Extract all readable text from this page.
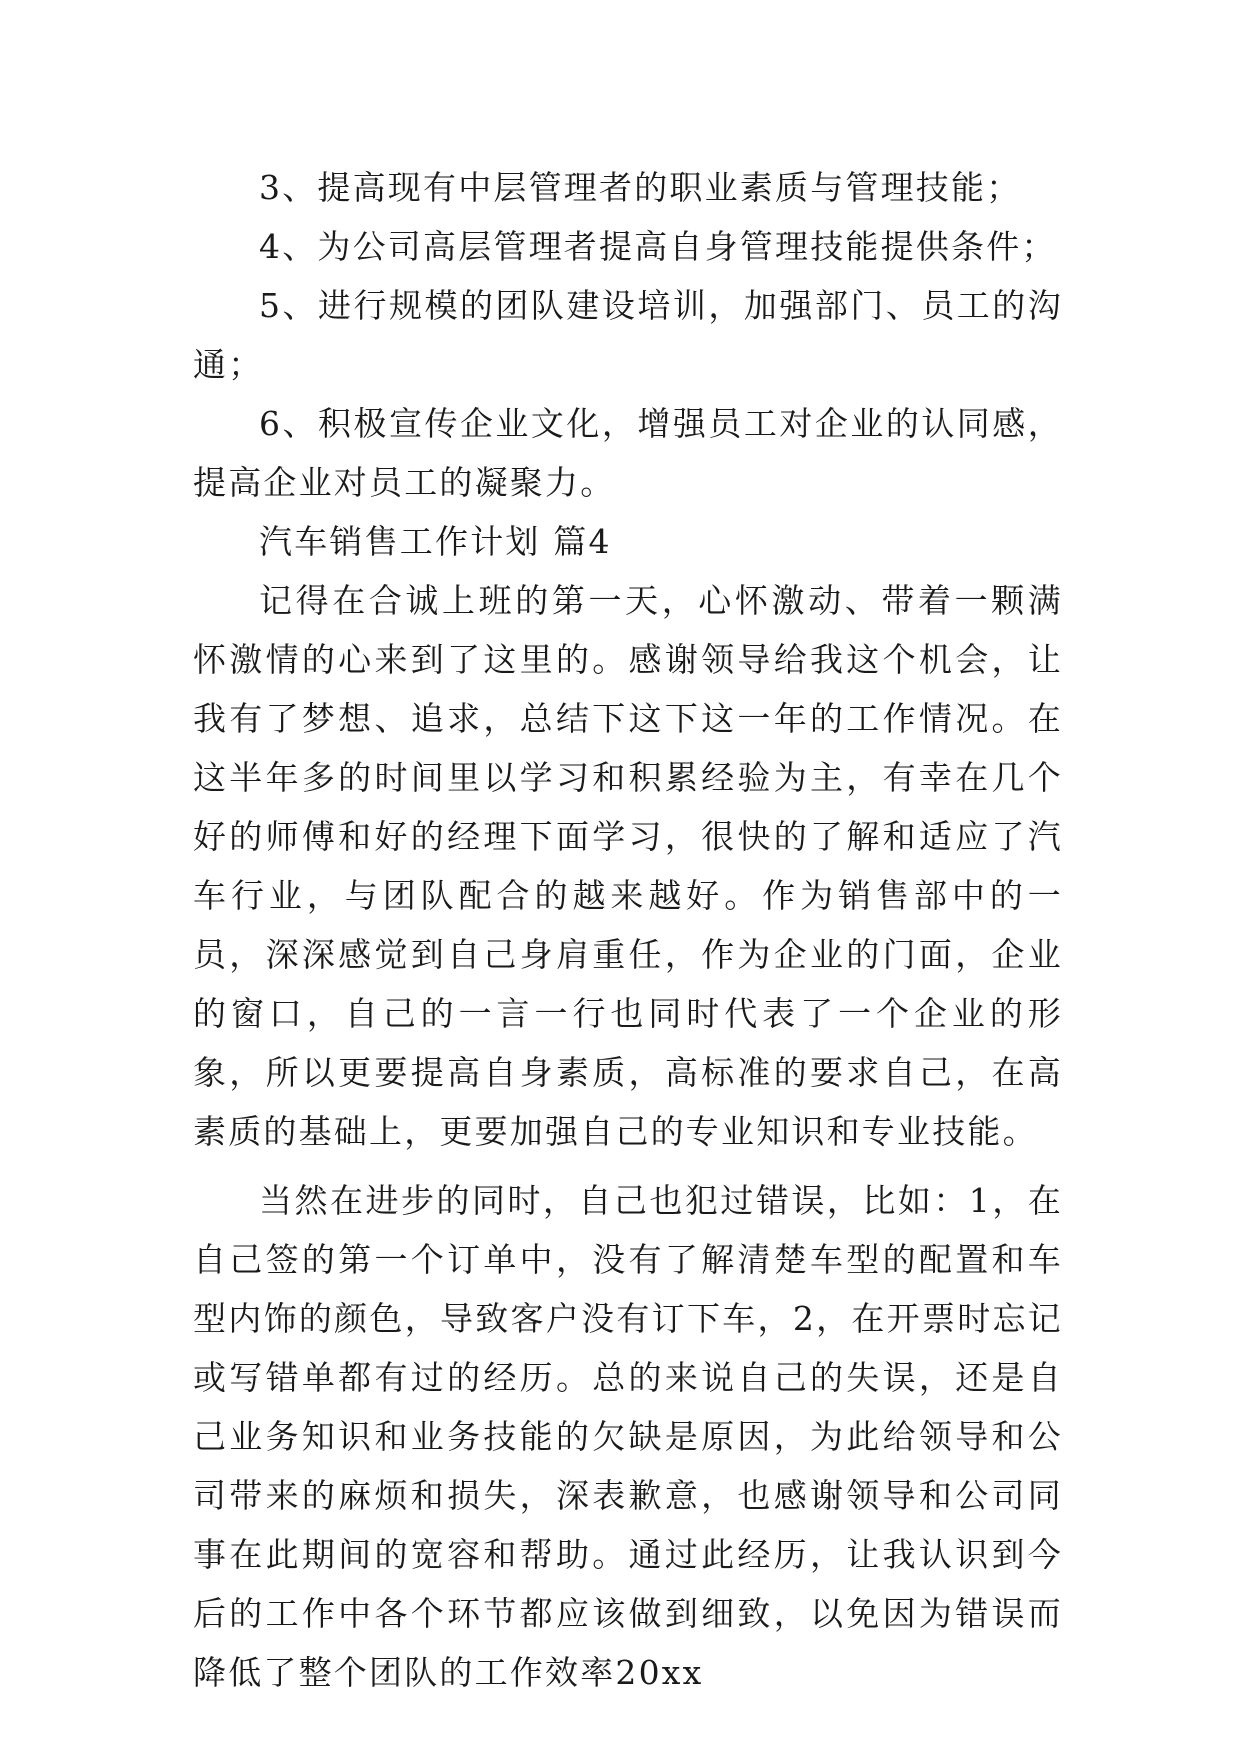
3、提高现有中层管理者的职业素质与管理技能；

4、为公司高层管理者提高自身管理技能提供条件；

5、进行规模的团队建设培训，加强部门、员工的沟通；

6、积极宣传企业文化，增强员工对企业的认同感，提高企业对员工的凝聚力。

汽车销售工作计划 篇4

记得在合诚上班的第一天，心怀激动、带着一颗满怀激情的心来到了这里的。感谢领导给我这个机会，让我有了梦想、追求，总结下这下这一年的工作情况。在这半年多的时间里以学习和积累经验为主，有幸在几个好的师傅和好的经理下面学习，很快的了解和适应了汽车行业，与团队配合的越来越好。作为销售部中的一员，深深感觉到自己身肩重任，作为企业的门面，企业的窗口，自己的一言一行也同时代表了一个企业的形象，所以更要提高自身素质，高标准的要求自己，在高素质的基础上，更要加强自己的专业知识和专业技能。

当然在进步的同时，自己也犯过错误，比如：1，在自己签的第一个订单中，没有了解清楚车型的配置和车型内饰的颜色，导致客户没有订下车，2，在开票时忘记或写错单都有过的经历。总的来说自己的失误，还是自己业务知识和业务技能的欠缺是原因，为此给领导和公司带来的麻烦和损失，深表歉意，也感谢领导和公司同事在此期间的宽容和帮助。通过此经历，让我认识到今后的工作中各个环节都应该做到细致，以免因为错误而降低了整个团队的工作效率20xx
